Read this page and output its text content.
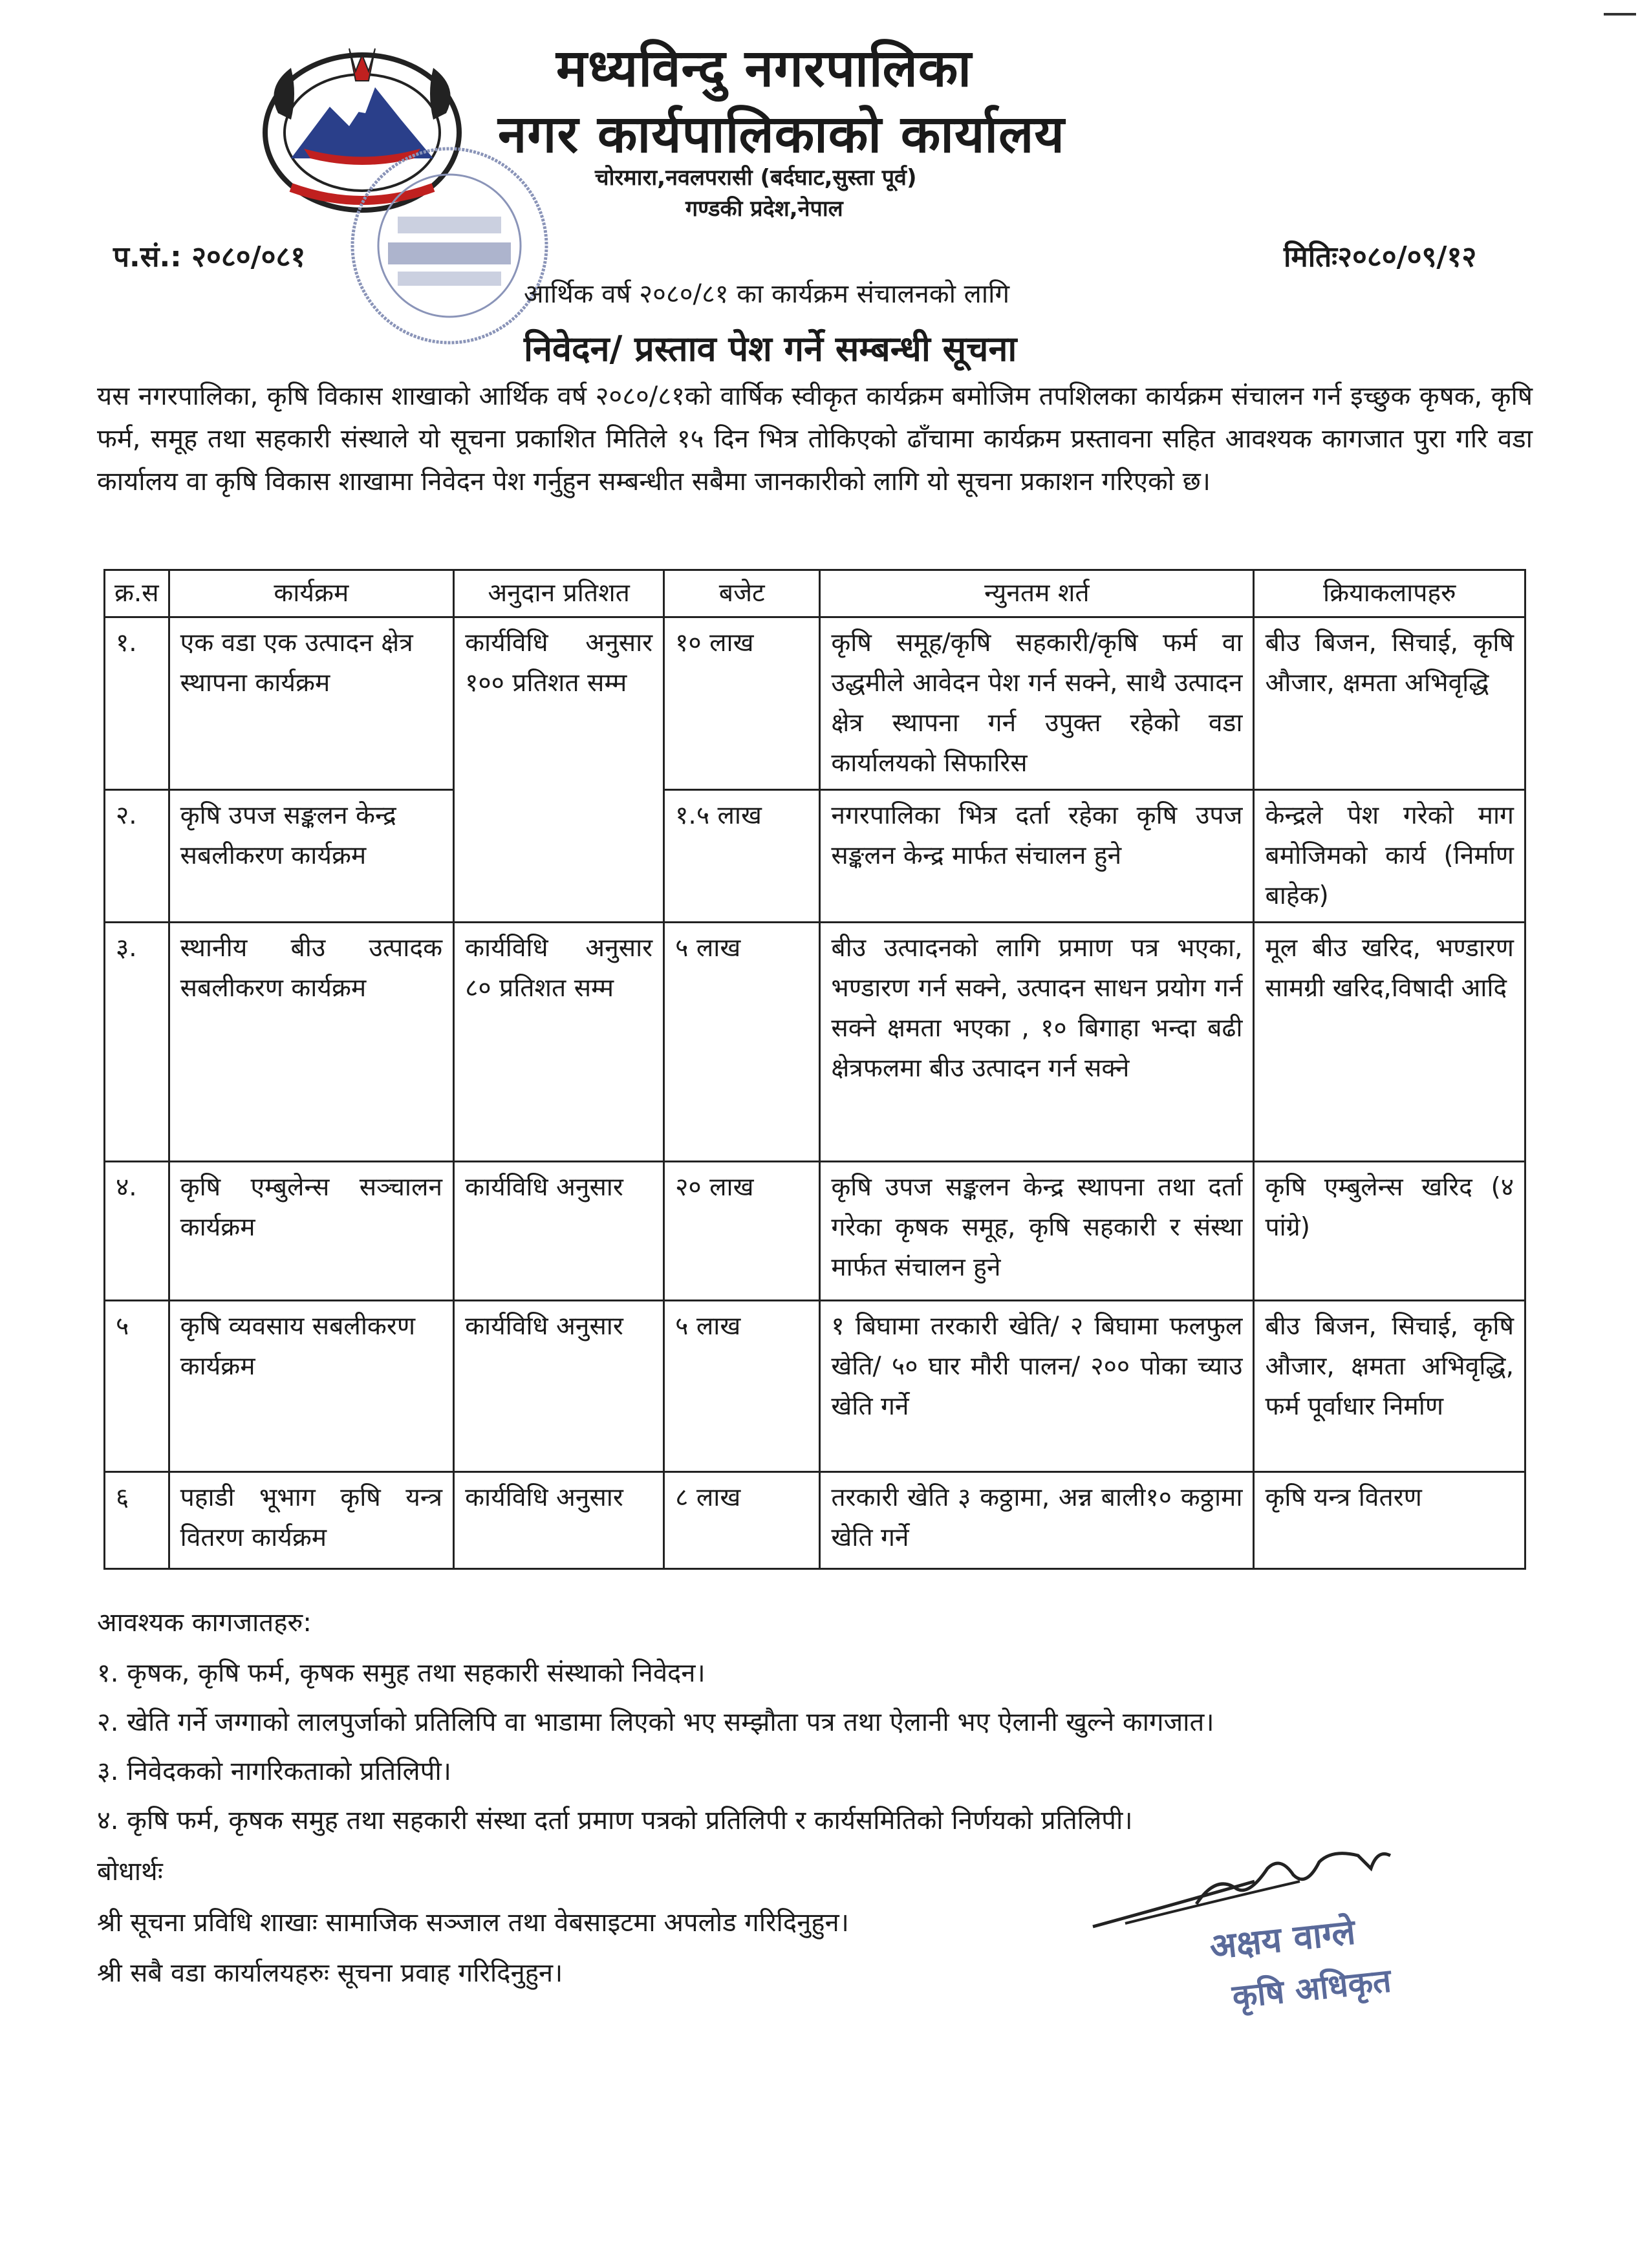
मध्यविन्दु नगरपालिका
नगर कार्यपालिकाको कार्यालय
चोरमारा,नवलपरासी (बर्दघाट,सुस्ता पूर्व)
गण्डकी प्रदेश,नेपाल
प.सं.: २०८०/०८१	मितिः२०८०/०९/१२
आर्थिक वर्ष २०८०/८१ का कार्यक्रम संचालनको लागि
निवेदन/ प्रस्ताव पेश गर्ने सम्बन्धी सूचना
यस नगरपालिका, कृषि विकास शाखाको आर्थिक वर्ष २०८०/८१को वार्षिक स्वीकृत कार्यक्रम बमोजिम तपशिलका कार्यक्रम संचालन गर्न इच्छुक कृषक, कृषि फर्म, समूह तथा सहकारी संस्थाले यो सूचना प्रकाशित मितिले १५ दिन भित्र तोकिएको ढाँचामा कार्यक्रम प्रस्तावना सहित आवश्यक कागजात पुरा गरि वडा कार्यालय वा कृषि विकास शाखामा निवेदन पेश गर्नुहुन सम्बन्धीत सबैमा जानकारीको लागि यो सूचना प्रकाशन गरिएको छ।
क्र.स	कार्यक्रम	अनुदान प्रतिशत	बजेट	न्युनतम शर्त	क्रियाकलापहरु
१.	एक वडा एक उत्पादन क्षेत्र स्थापना कार्यक्रम	कार्यविधि अनुसार १०० प्रतिशत सम्म	१० लाख	कृषि समूह/कृषि सहकारी/कृषि फर्म वा उद्धमीले आवेदन पेश गर्न सक्ने, साथै उत्पादन क्षेत्र स्थापना गर्न उपुक्त रहेको वडा कार्यालयको सिफारिस	बीउ बिजन, सिचाई, कृषि औजार, क्षमता अभिवृद्धि
२.	कृषि उपज सङ्कलन केन्द्र सबलीकरण कार्यक्रम		१.५ लाख	नगरपालिका भित्र दर्ता रहेका कृषि उपज सङ्कलन केन्द्र मार्फत संचालन हुने	केन्द्रले पेश गरेको माग बमोजिमको कार्य (निर्माण बाहेक)
३.	स्थानीय बीउ उत्पादक सबलीकरण कार्यक्रम	कार्यविधि अनुसार ८० प्रतिशत सम्म	५ लाख	बीउ उत्पादनको लागि प्रमाण पत्र भएका, भण्डारण गर्न सक्ने, उत्पादन साधन प्रयोग गर्न सक्ने क्षमता भएका , १० बिगाहा भन्दा बढी क्षेत्रफलमा बीउ उत्पादन गर्न सक्ने	मूल बीउ खरिद, भण्डारण सामग्री खरिद,विषादी आदि
४.	कृषि एम्बुलेन्स सञ्चालन कार्यक्रम	कार्यविधि अनुसार	२० लाख	कृषि उपज सङ्कलन केन्द्र स्थापना तथा दर्ता गरेका कृषक समूह, कृषि सहकारी र संस्था मार्फत संचालन हुने	कृषि एम्बुलेन्स खरिद (४ पांग्रे)
५	कृषि व्यवसाय सबलीकरण कार्यक्रम	कार्यविधि अनुसार	५ लाख	१ बिघामा तरकारी खेति/ २ बिघामा फलफुल खेति/ ५० घार मौरी पालन/ २०० पोका च्याउ खेति गर्ने	बीउ बिजन, सिचाई, कृषि औजार, क्षमता अभिवृद्धि, फर्म पूर्वाधार निर्माण
६	पहाडी भूभाग कृषि यन्त्र वितरण कार्यक्रम	कार्यविधि अनुसार	८ लाख	तरकारी खेति ३ कठ्ठामा, अन्न बाली१० कठ्ठामा खेति गर्ने	कृषि यन्त्र वितरण
आवश्यक कागजातहरु:
१. कृषक, कृषि फर्म, कृषक समुह तथा सहकारी संस्थाको निवेदन।
२. खेति गर्ने जग्गाको लालपुर्जाको प्रतिलिपि वा भाडामा लिएको भए सम्झौता पत्र तथा ऐलानी भए ऐलानी खुल्ने कागजात।
३. निवेदकको नागरिकताको प्रतिलिपी।
४. कृषि फर्म, कृषक समुह तथा सहकारी संस्था दर्ता प्रमाण पत्रको प्रतिलिपी र कार्यसमितिको निर्णयको प्रतिलिपी।
बोधार्थः
श्री सूचना प्रविधि शाखाः सामाजिक सञ्जाल तथा वेबसाइटमा अपलोड गरिदिनुहुन।
श्री सबै वडा कार्यालयहरुः सूचना प्रवाह गरिदिनुहुन।
अक्षय वाग्ले
कृषि अधिकृत
